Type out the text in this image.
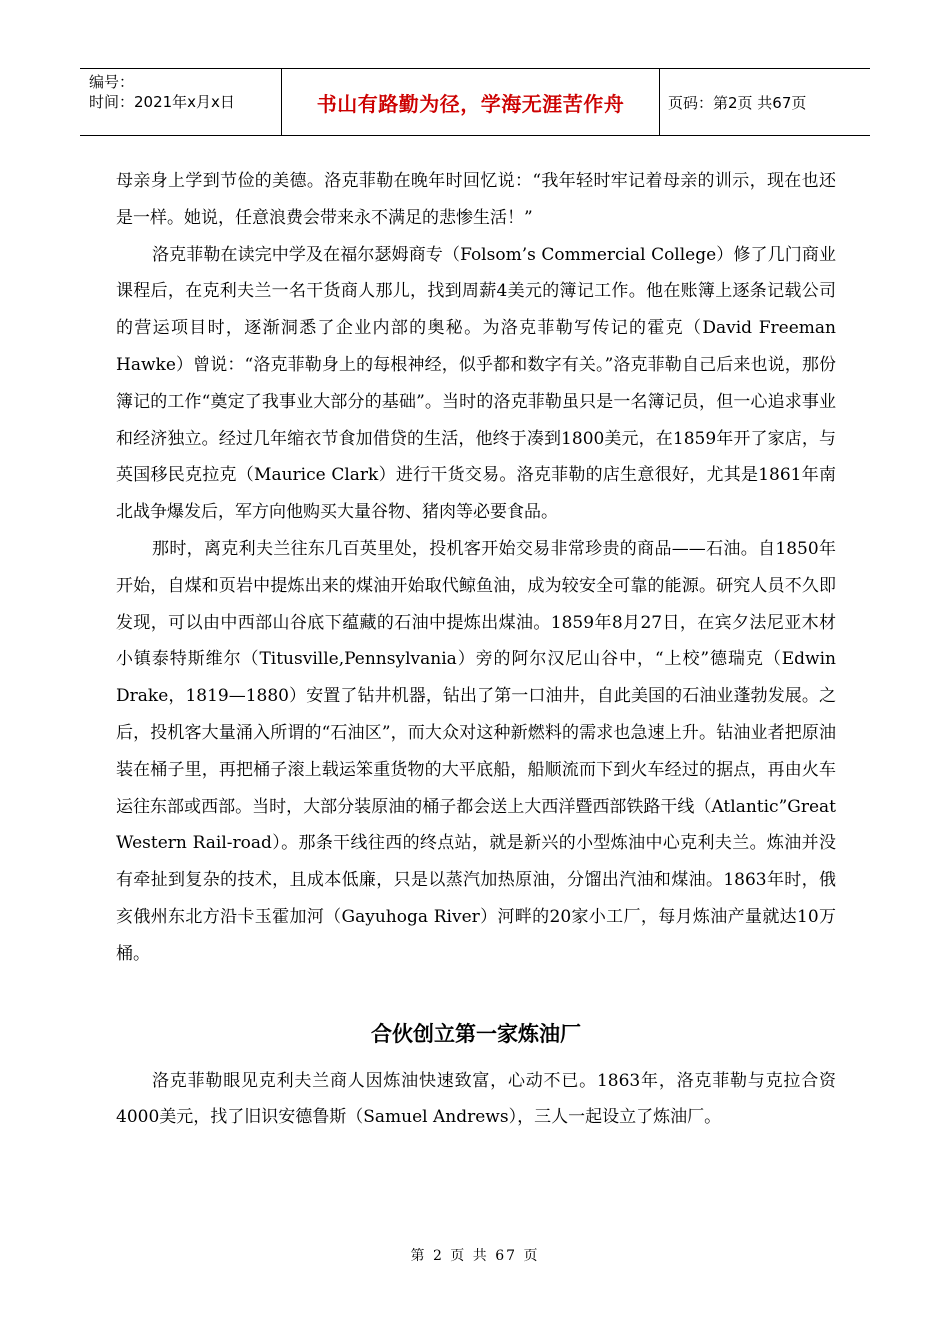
编号：
时间：2021年x月x日	书山有路勤为径，学海无涯苦作舟	页码：第2页 共67页

母亲身上学到节俭的美德。洛克菲勒在晚年时回忆说：“我年轻时牢记着母亲的训示，现在也还是一样。她说，任意浪费会带来永不满足的悲惨生活！”

洛克菲勒在读完中学及在福尔瑟姆商专（Folsom’s Commercial College）修了几门商业课程后，在克利夫兰一名干货商人那儿，找到周薪4美元的簿记工作。他在账簿上逐条记载公司的营运项目时，逐渐洞悉了企业内部的奥秘。为洛克菲勒写传记的霍克（David Freeman Hawke）曾说：“洛克菲勒身上的每根神经，似乎都和数字有关。”洛克菲勒自己后来也说，那份簿记的工作“奠定了我事业大部分的基础”。当时的洛克菲勒虽只是一名簿记员，但一心追求事业和经济独立。经过几年缩衣节食加借贷的生活，他终于凑到1800美元，在1859年开了家店，与英国移民克拉克（Maurice Clark）进行干货交易。洛克菲勒的店生意很好，尤其是1861年南北战争爆发后，军方向他购买大量谷物、猪肉等必要食品。

那时，离克利夫兰往东几百英里处，投机客开始交易非常珍贵的商品——石油。自1850年开始，自煤和页岩中提炼出来的煤油开始取代鲸鱼油，成为较安全可靠的能源。研究人员不久即发现，可以由中西部山谷底下蕴藏的石油中提炼出煤油。1859年8月27日，在宾夕法尼亚木材小镇泰特斯维尔（Titusville,Pennsylvania）旁的阿尔汉尼山谷中，“上校”德瑞克（Edwin Drake，1819—1880）安置了钻井机器，钻出了第一口油井，自此美国的石油业蓬勃发展。之后，投机客大量涌入所谓的“石油区”，而大众对这种新燃料的需求也急速上升。钻油业者把原油装在桶子里，再把桶子滚上载运笨重货物的大平底船，船顺流而下到火车经过的据点，再由火车运往东部或西部。当时，大部分装原油的桶子都会送上大西洋暨西部铁路干线（Atlantic”Great Western Rail-road）。那条干线往西的终点站，就是新兴的小型炼油中心克利夫兰。炼油并没有牵扯到复杂的技术，且成本低廉，只是以蒸汽加热原油，分馏出汽油和煤油。1863年时，俄亥俄州东北方沿卡玉霍加河（Gayuhoga River）河畔的20家小工厂，每月炼油产量就达10万桶。

合伙创立第一家炼油厂

洛克菲勒眼见克利夫兰商人因炼油快速致富，心动不已。1863年，洛克菲勒与克拉合资4000美元，找了旧识安德鲁斯（Samuel Andrews），三人一起设立了炼油厂。

第 2 页 共 67 页
